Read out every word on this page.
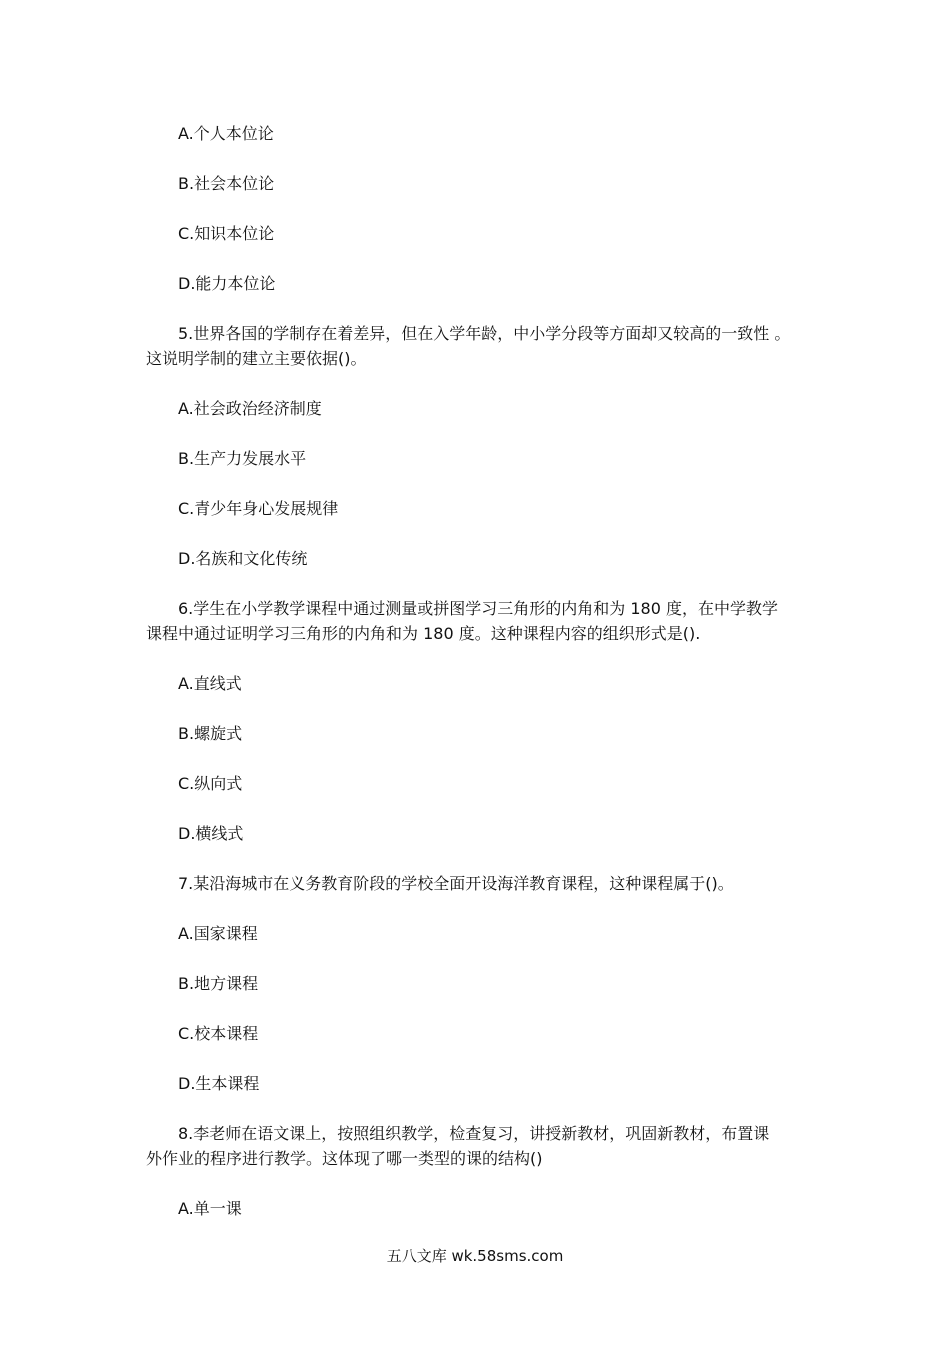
A.个人本位论
B.社会本位论
C.知识本位论
D.能力本位论
5.世界各国的学制存在着差异，但在入学年龄，中小学分段等方面却又较高的一致性 。
这说明学制的建立主要依据()。
A.社会政治经济制度
B.生产力发展水平
C.青少年身心发展规律
D.名族和文化传统
6.学生在小学教学课程中通过测量或拼图学习三角形的内角和为 180 度，在中学教学
课程中通过证明学习三角形的内角和为 180 度。这种课程内容的组织形式是().
A.直线式
B.螺旋式
C.纵向式
D.横线式
7.某沿海城市在义务教育阶段的学校全面开设海洋教育课程，这种课程属于()。
A.国家课程
B.地方课程
C.校本课程
D.生本课程
8.李老师在语文课上，按照组织教学，检查复习，讲授新教材，巩固新教材，布置课
外作业的程序进行教学。这体现了哪一类型的课的结构()
A.单一课
五八文库 wk.58sms.com
